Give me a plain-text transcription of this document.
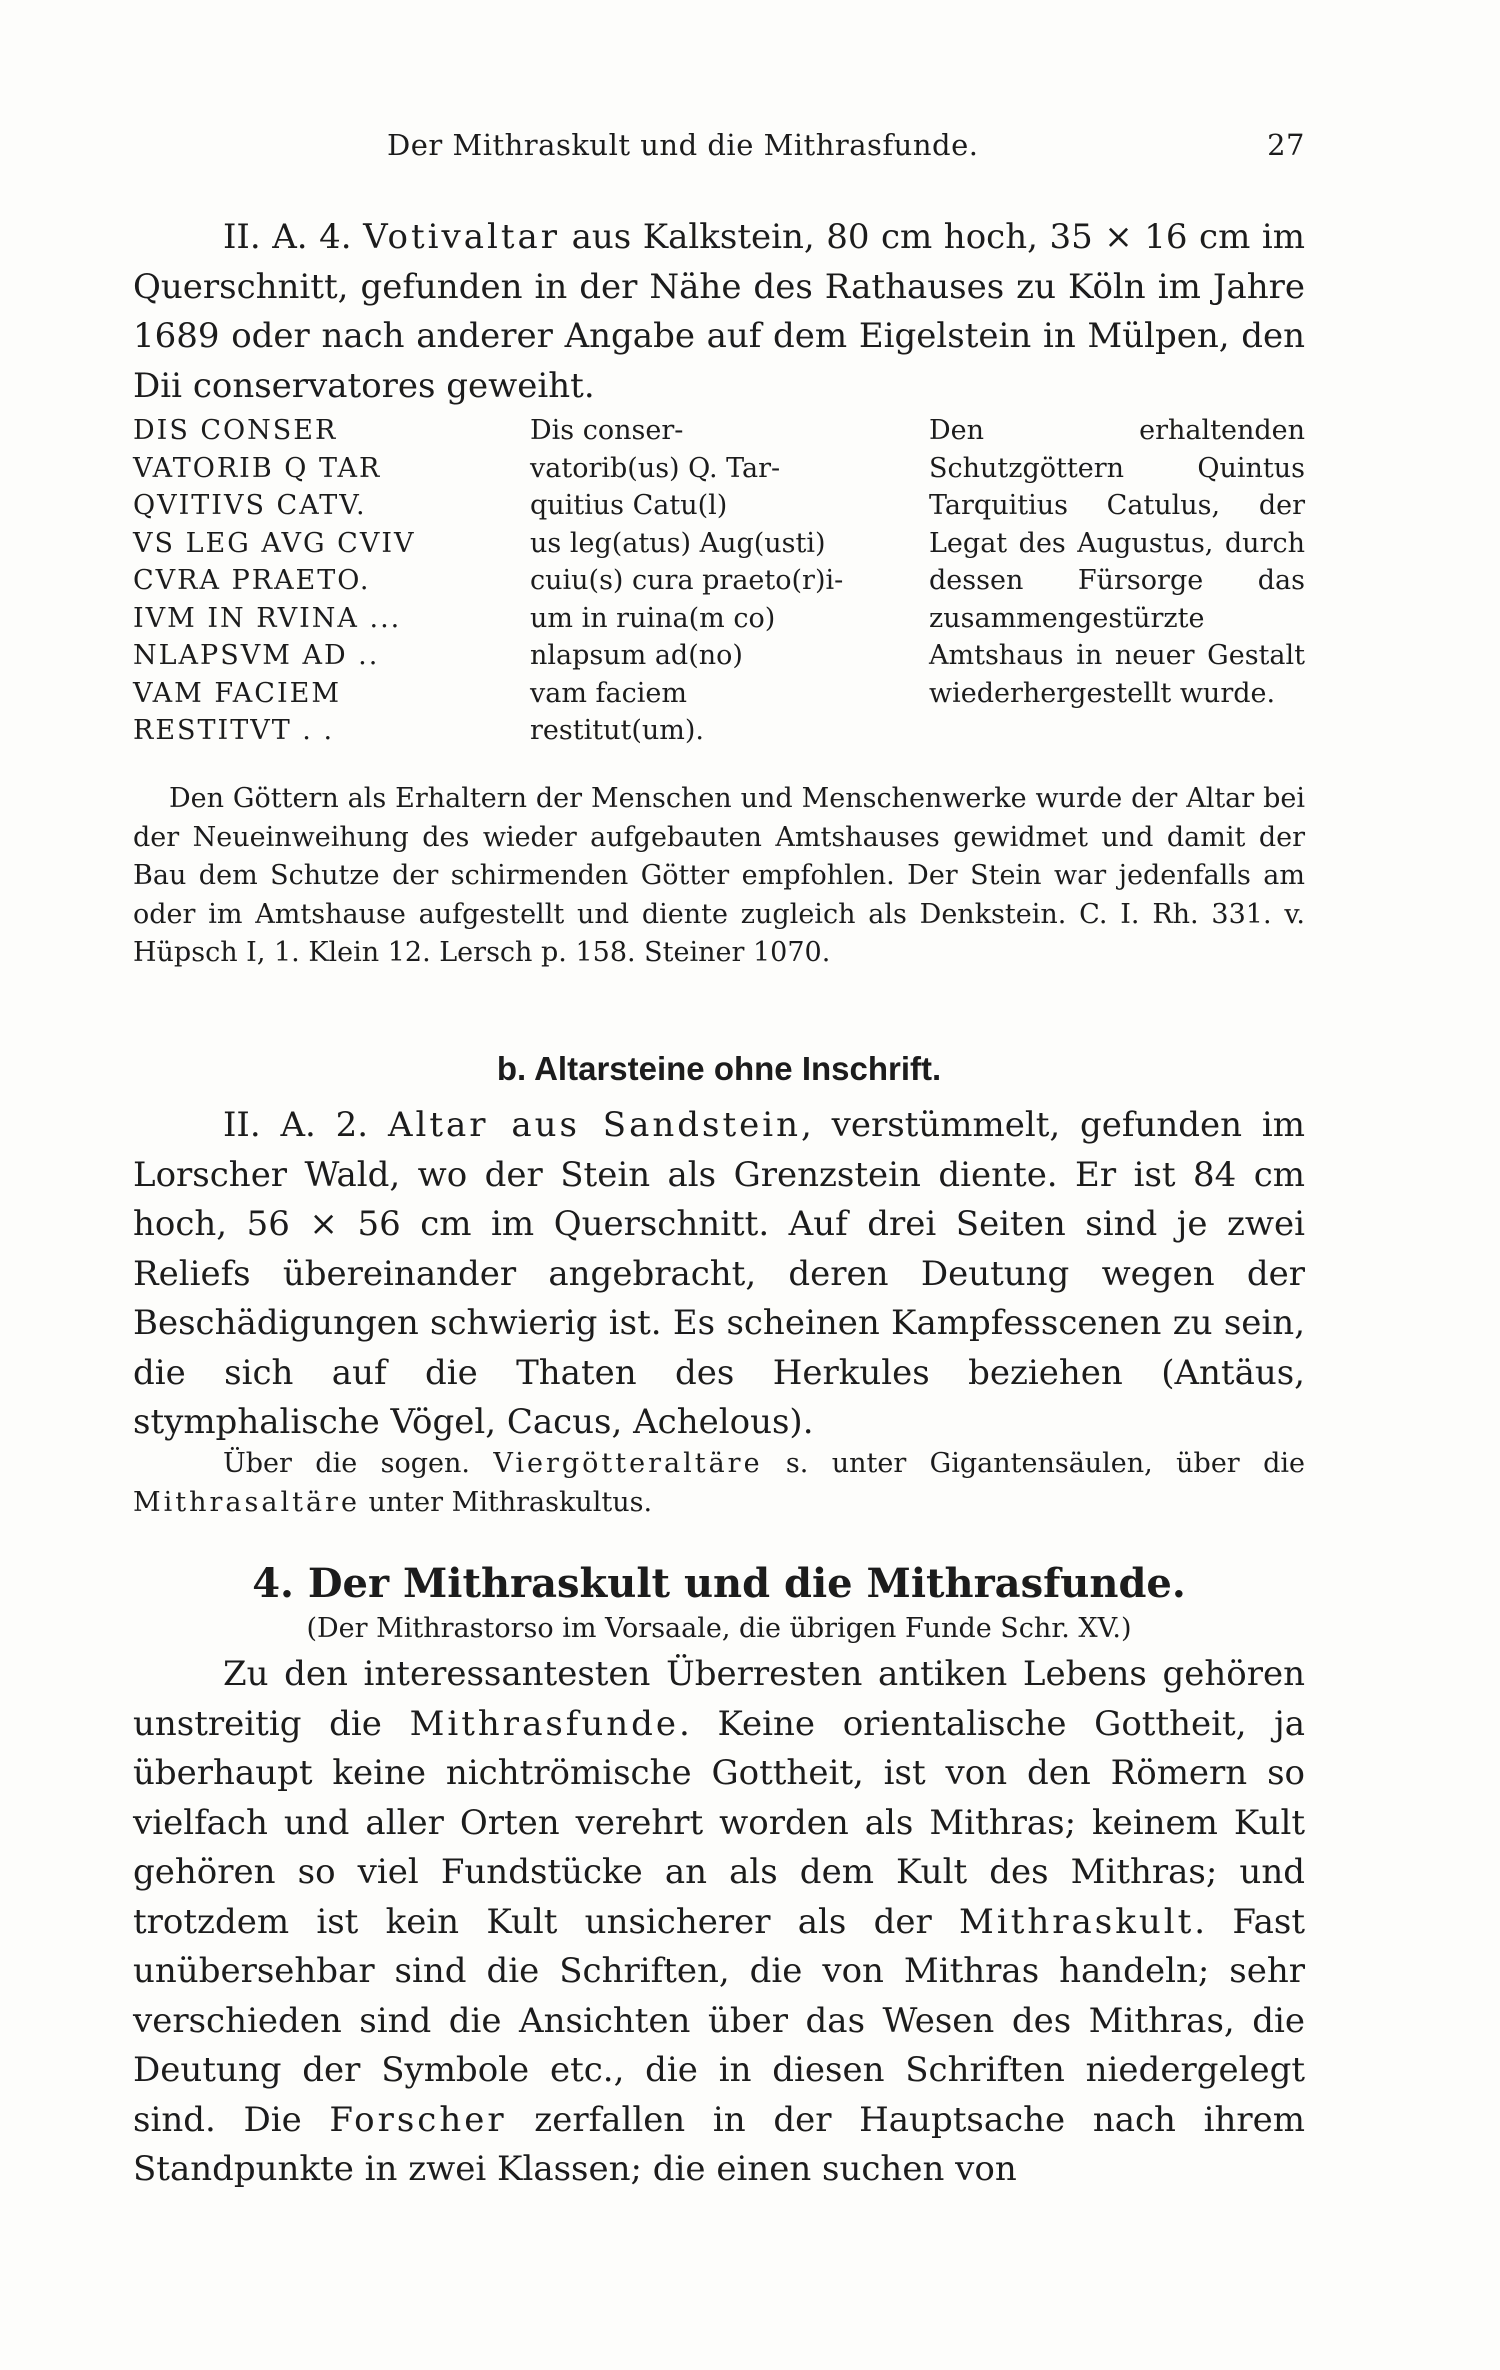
Der Mithraskult und die Mithrasfunde.	27

II. A. 4. Votivaltar aus Kalkstein, 80 cm hoch, 35 ⨯ 16 cm im Querschnitt, gefunden in der Nähe des Rathauses zu Köln im Jahre 1689 oder nach anderer Angabe auf dem Eigelstein in Mülpen, den Dii conservatores geweiht.

DIS CONSER
VATORIB Q TAR
QVITIVS CATV.
VS LEG AVG CVIV
CVRA PRAETO.
IVM IN RVINA ...
NLAPSVM AD ..
VAM FACIEM
RESTITVT . .
Dis conser-
vatorib(us) Q. Tar-
quitius Catu(l)
us leg(atus) Aug(usti)
cuiu(s) cura praeto(r)i-
um in ruina(m co)
nlapsum ad(no)
vam faciem
restitut(um).
Den erhaltenden Schutzgöttern Quintus Tarquitius Catulus, der Legat des Augustus, durch dessen Fürsorge das zusammengestürzte Amtshaus in neuer Gestalt wiederhergestellt wurde.

Den Göttern als Erhaltern der Menschen und Menschenwerke wurde der Altar bei der Neueinweihung des wieder aufgebauten Amtshauses gewidmet und damit der Bau dem Schutze der schirmenden Götter empfohlen. Der Stein war jedenfalls am oder im Amtshause aufgestellt und diente zugleich als Denkstein. C. I. Rh. 331. v. Hüpsch I, 1. Klein 12. Lersch p. 158. Steiner 1070.

b. Altarsteine ohne Inschrift.

II. A. 2. Altar aus Sandstein, verstümmelt, gefunden im Lorscher Wald, wo der Stein als Grenzstein diente. Er ist 84 cm hoch, 56 ⨯ 56 cm im Querschnitt. Auf drei Seiten sind je zwei Reliefs übereinander angebracht, deren Deutung wegen der Beschädigungen schwierig ist. Es scheinen Kampfesscenen zu sein, die sich auf die Thaten des Herkules beziehen (Antäus, stymphalische Vögel, Cacus, Achelous).

Über die sogen. Viergötteraltäre s. unter Gigantensäulen, über die Mithrasaltäre unter Mithraskultus.

4. Der Mithraskult und die Mithrasfunde.
(Der Mithrastorso im Vorsaale, die übrigen Funde Schr. XV.)

Zu den interessantesten Überresten antiken Lebens gehören unstreitig die Mithrasfunde. Keine orientalische Gottheit, ja überhaupt keine nichtrömische Gottheit, ist von den Römern so vielfach und aller Orten verehrt worden als Mithras; keinem Kult gehören so viel Fundstücke an als dem Kult des Mithras; und trotzdem ist kein Kult unsicherer als der Mithraskult. Fast unübersehbar sind die Schriften, die von Mithras handeln; sehr verschieden sind die Ansichten über das Wesen des Mithras, die Deutung der Symbole etc., die in diesen Schriften niedergelegt sind. Die Forscher zerfallen in der Hauptsache nach ihrem Standpunkte in zwei Klassen; die einen suchen von
